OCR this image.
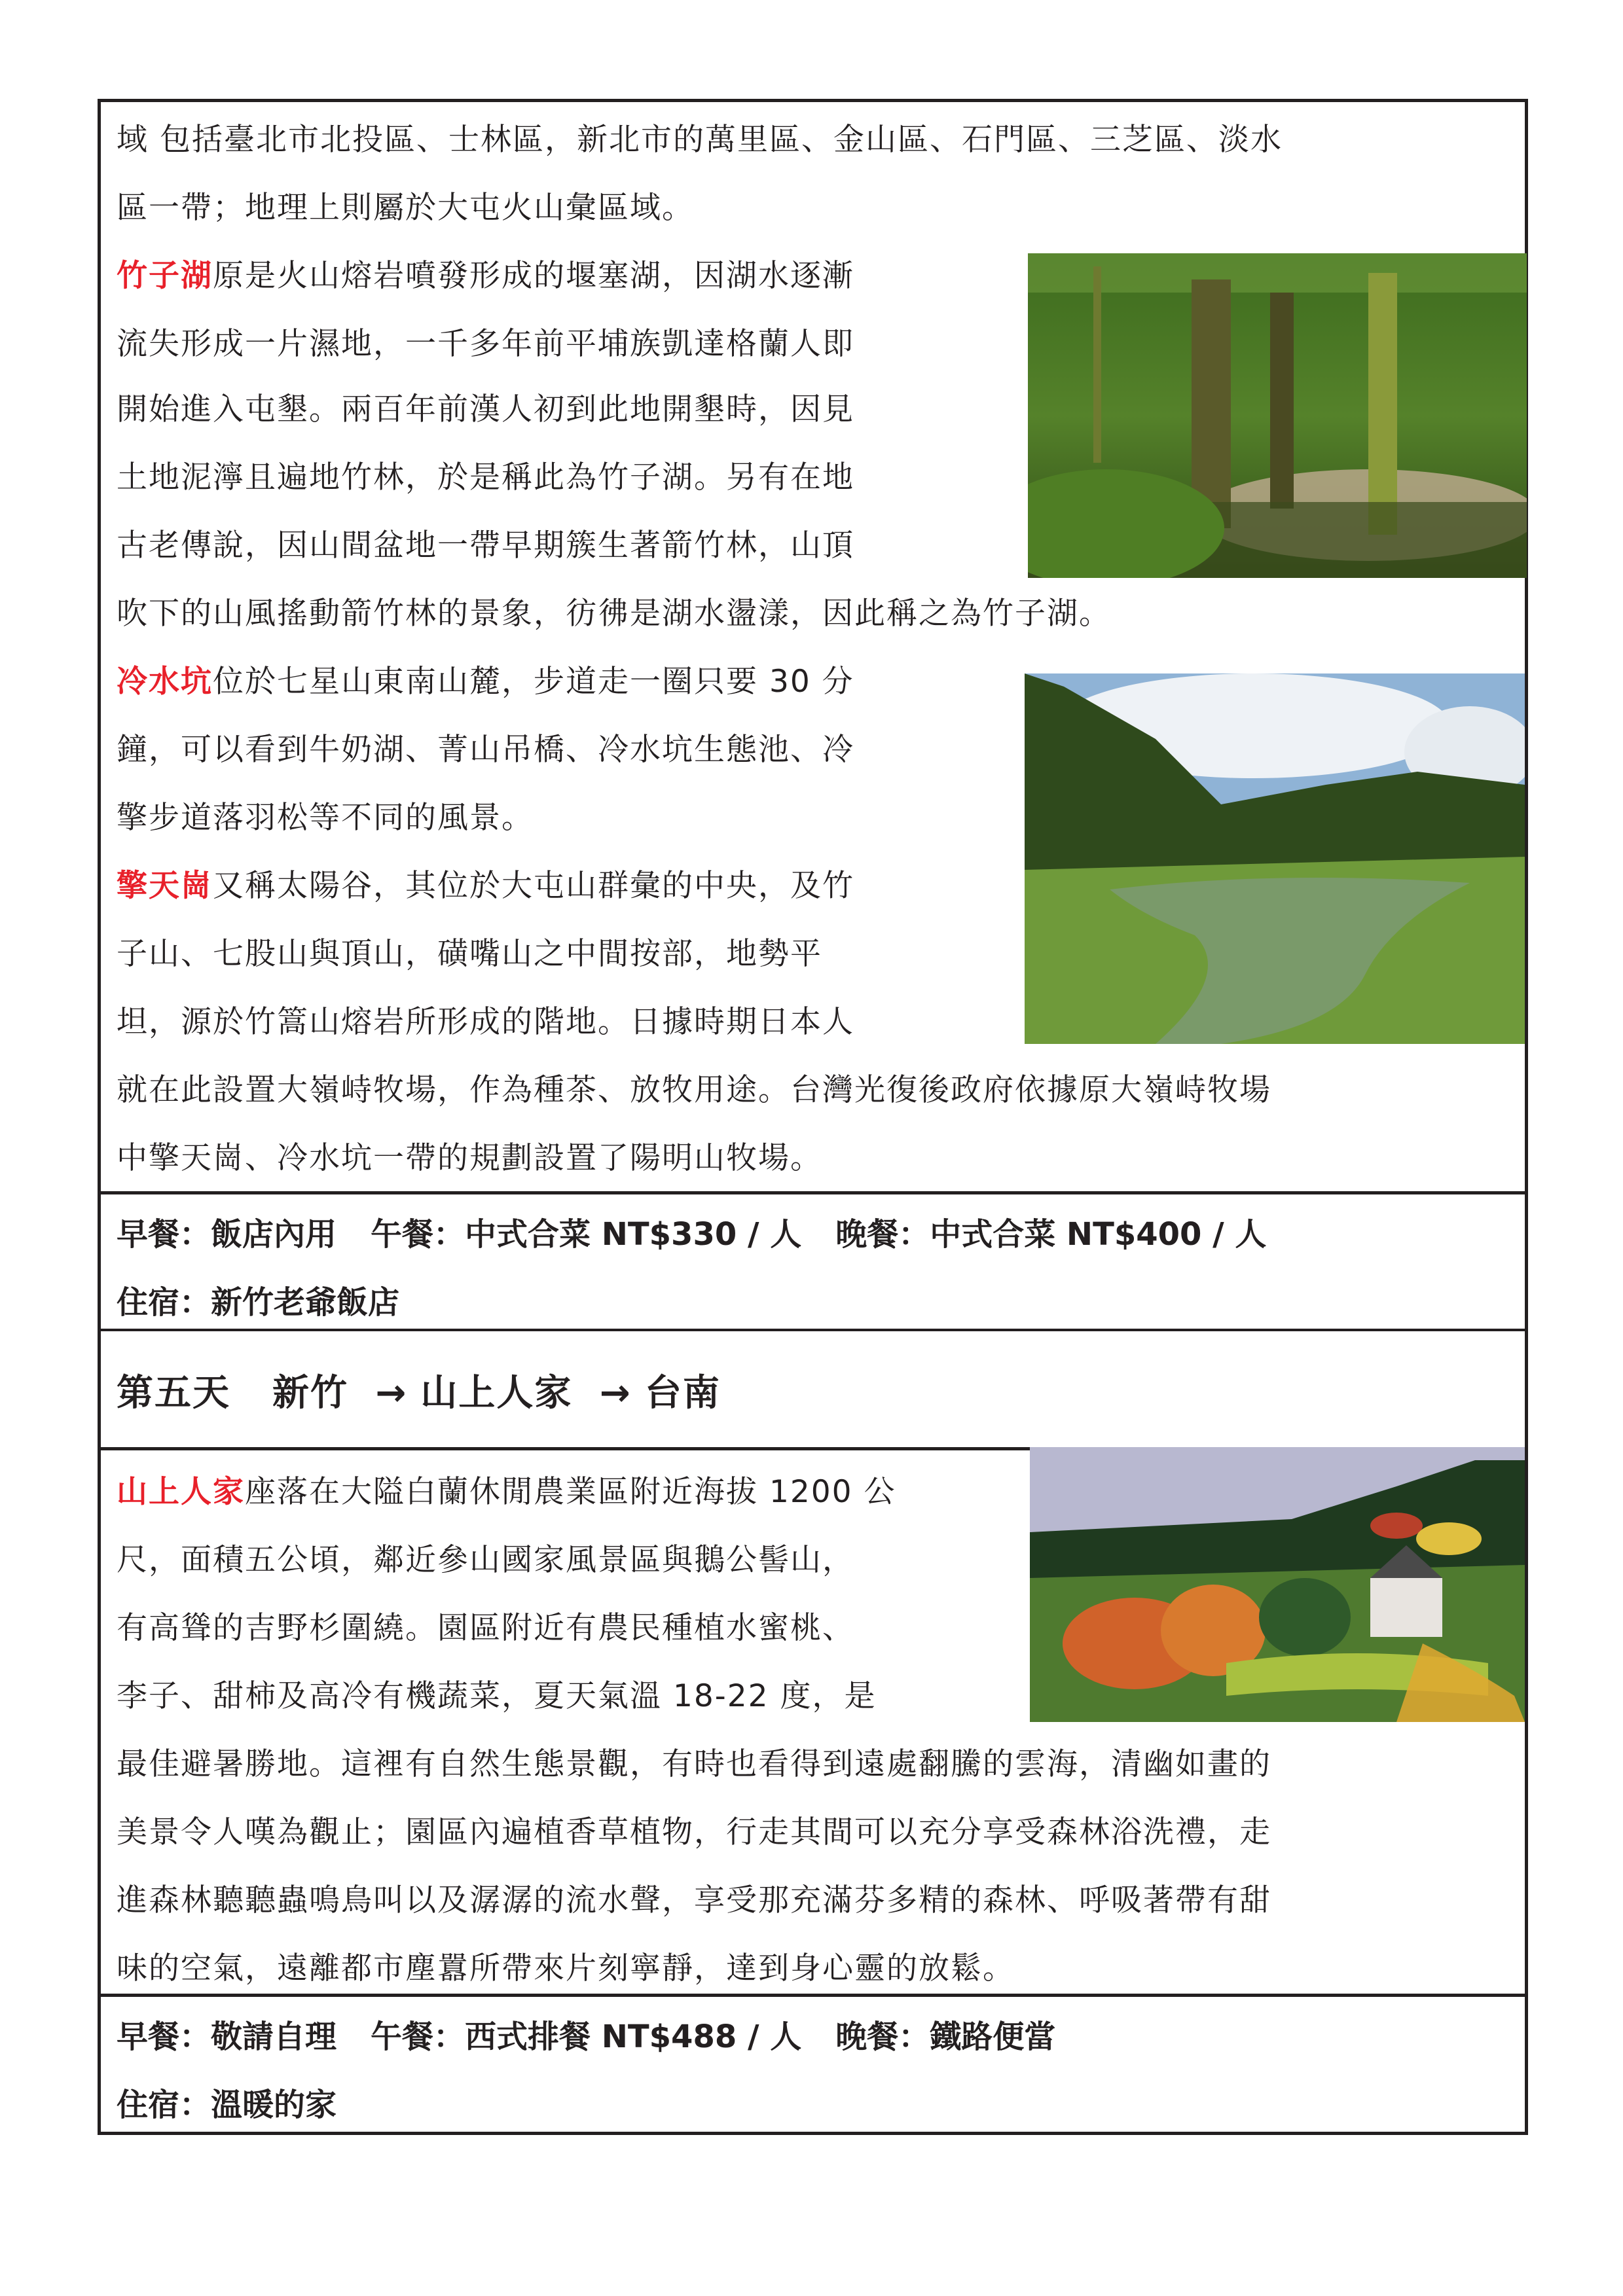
域 包括臺北市北投區、士林區，新北市的萬里區、金山區、石門區、三芝區、淡水
區一帶；地理上則屬於大屯火山彙區域。
竹子湖原是火山熔岩噴發形成的堰塞湖，因湖水逐漸
流失形成一片濕地，一千多年前平埔族凱達格蘭人即
開始進入屯墾。兩百年前漢人初到此地開墾時，因見
土地泥濘且遍地竹林，於是稱此為竹子湖。另有在地
古老傳說，因山間盆地一帶早期簇生著箭竹林，山頂
吹下的山風搖動箭竹林的景象，彷彿是湖水盪漾，因此稱之為竹子湖。
冷水坑位於七星山東南山麓，步道走一圈只要 30 分
鐘，可以看到牛奶湖、菁山吊橋、冷水坑生態池、冷
擎步道落羽松等不同的風景。
擎天崗又稱太陽谷，其位於大屯山群彙的中央，及竹
子山、七股山與頂山，磺嘴山之中間按部，地勢平
坦，源於竹篙山熔岩所形成的階地。日據時期日本人
就在此設置大嶺峙牧場，作為種茶、放牧用途。台灣光復後政府依據原大嶺峙牧場
中擎天崗、冷水坑一帶的規劃設置了陽明山牧場。
早餐：飯店內用 午餐：中式合菜 NT$330 / 人 晚餐：中式合菜 NT$400 / 人
住宿：新竹老爺飯店
第五天 新竹 → 山上人家 → 台南
山上人家座落在大隘白蘭休閒農業區附近海拔 1200 公
尺，面積五公頃，鄰近參山國家風景區與鵝公髻山，
有高聳的吉野杉圍繞。園區附近有農民種植水蜜桃、
李子、甜柿及高冷有機蔬菜，夏天氣溫 18-22 度，是
最佳避暑勝地。這裡有自然生態景觀，有時也看得到遠處翻騰的雲海，清幽如畫的
美景令人嘆為觀止；園區內遍植香草植物，行走其間可以充分享受森林浴洗禮，走
進森林聽聽蟲鳴鳥叫以及潺潺的流水聲，享受那充滿芬多精的森林、呼吸著帶有甜
味的空氣，遠離都市塵囂所帶來片刻寧靜，達到身心靈的放鬆。
早餐：敬請自理 午餐：西式排餐 NT$488 / 人 晚餐：鐵路便當
住宿：溫暖的家
